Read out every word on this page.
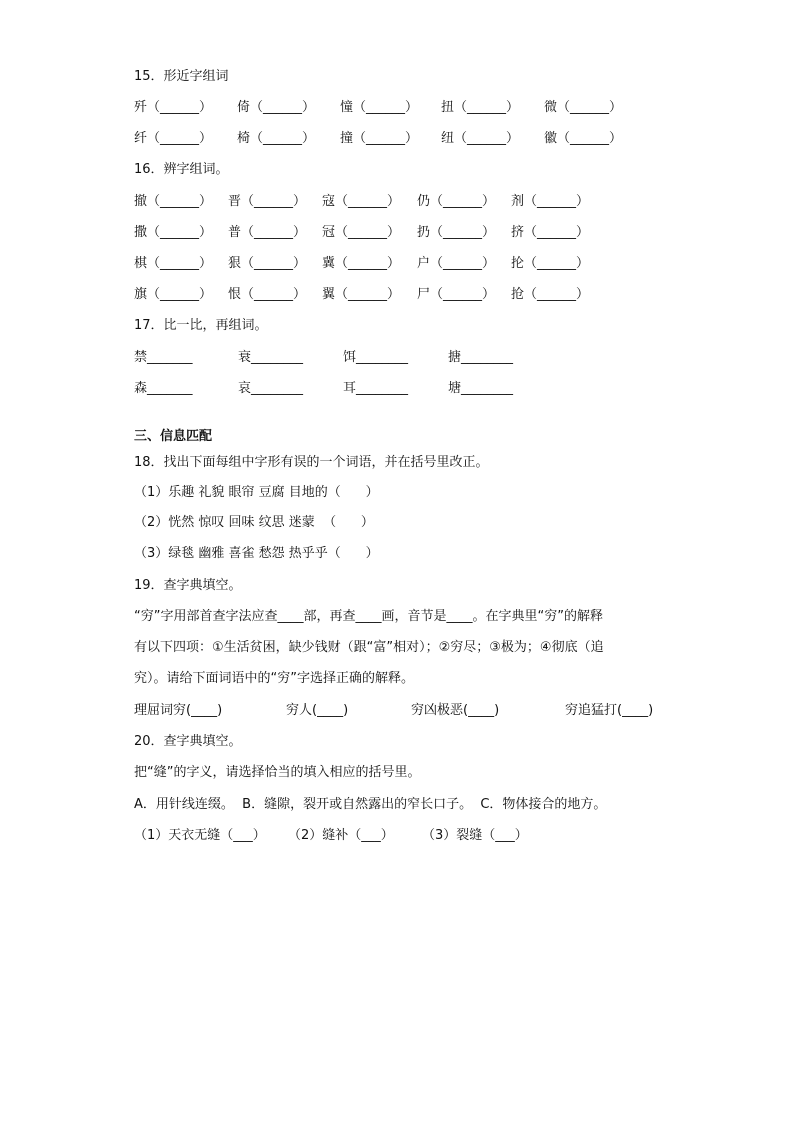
15．形近字组词
歼（______） 倚（______） 憧（______） 扭（______） 微（______）
纤（______） 椅（______） 撞（______） 纽（______） 徽（______）
16．辨字组词。
撤（______） 晋（______） 寇（______） 仍（______） 剂（______）
撒（______） 普（______） 冠（______） 扔（______） 挤（______）
棋（______） 狠（______） 冀（______） 户（______） 抡（______）
旗（______） 恨（______） 翼（______） 尸（______） 抢（______）
17．比一比，再组词。
禁_______	衰________	饵________	搪________
森_______	哀________	耳________	塘________
三、信息匹配
18．找出下面每组中字形有误的一个词语，并在括号里改正。
（1）乐趣 礼貌 眼帘 豆腐 目地的（      ）
（2）恍然 惊叹 回味 纹思 迷蒙  （      ）
（3）绿毯 幽雅 喜雀 愁怨 热乎乎（      ）
19．查字典填空。
“穷”字用部首查字法应查____部，再查____画，音节是____。在字典里“穷”的解释
有以下四项：①生活贫困，缺少钱财（跟“富”相对）；②穷尽；③极为；④彻底（追
究）。请给下面词语中的“穷”字选择正确的解释。
理屈词穷(____)	穷人(____)	穷凶极恶(____)	穷追猛打(____)
20．查字典填空。
把“缝”的字义，请选择恰当的填入相应的括号里。
A．用针线连缀。  B．缝隙，裂开或自然露出的窄长口子。  C．物体接合的地方。
（1）天衣无缝（___） （2）缝补（___） （3）裂缝（___）
